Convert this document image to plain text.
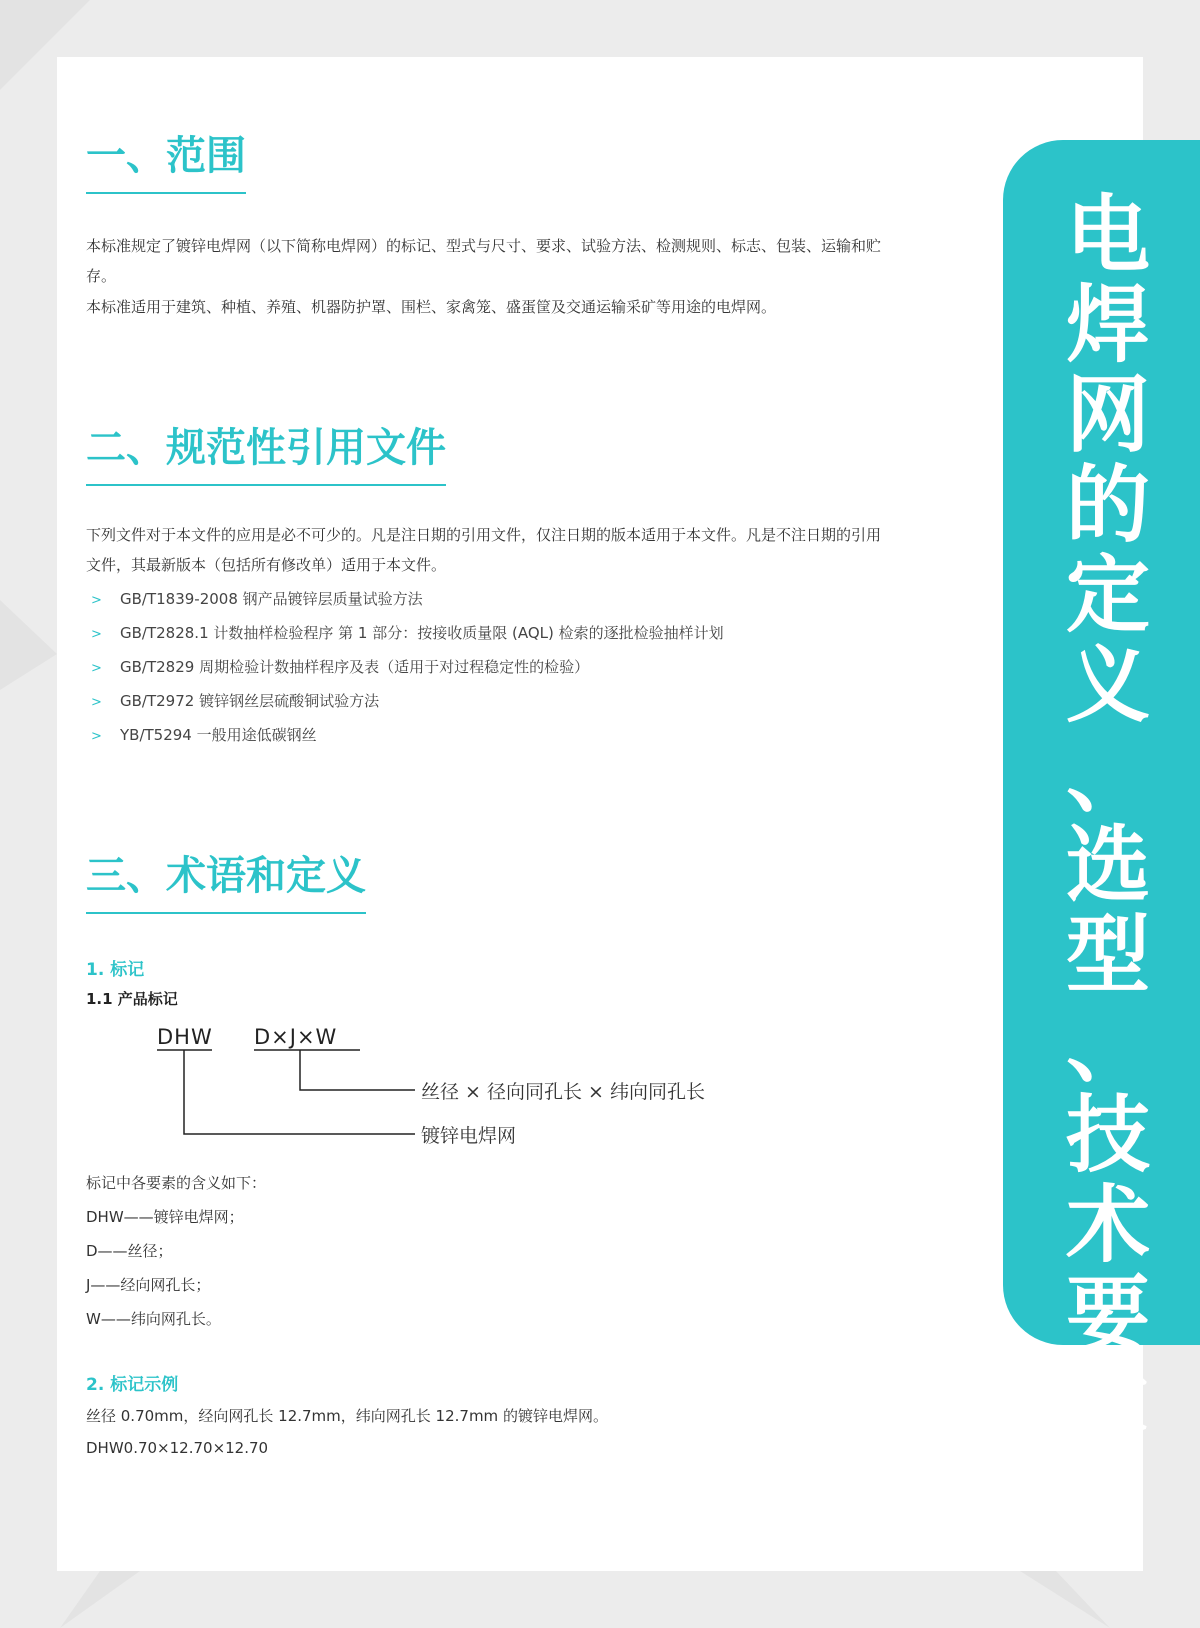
电
焊
网
的
定
义
、
选
型
、
技
术
要
求
一、范围

本标准规定了镀锌电焊网（以下简称电焊网）的标记、型式与尺寸、要求、试验方法、检测规则、标志、包装、运输和贮存。

本标准适用于建筑、种植、养殖、机器防护罩、围栏、家禽笼、盛蛋筐及交通运输采矿等用途的电焊网。

二、规范性引用文件

下列文件对于本文件的应用是必不可少的。凡是注日期的引用文件，仅注日期的版本适用于本文件。凡是不注日期的引用文件，其最新版本（包括所有修改单）适用于本文件。

> GB/T1839-2008 钢产品镀锌层质量试验方法
> GB/T2828.1 计数抽样检验程序 第 1 部分：按接收质量限 (AQL) 检索的逐批检验抽样计划
> GB/T2829 周期检验计数抽样程序及表（适用于对过程稳定性的检验）
> GB/T2972 镀锌钢丝层硫酸铜试验方法
> YB/T5294 一般用途低碳钢丝
三、术语和定义
1. 标记
1.1 产品标记
DHW D×J×W
丝径 × 径向同孔长 × 纬向同孔长
镀锌电焊网

标记中各要素的含义如下：

DHW——镀锌电焊网；

D——丝径；

J——经向网孔长；

W——纬向网孔长。

2. 标记示例

丝径 0.70mm，经向网孔长 12.7mm，纬向网孔长 12.7mm 的镀锌电焊网。

DHW0.70×12.70×12.70
